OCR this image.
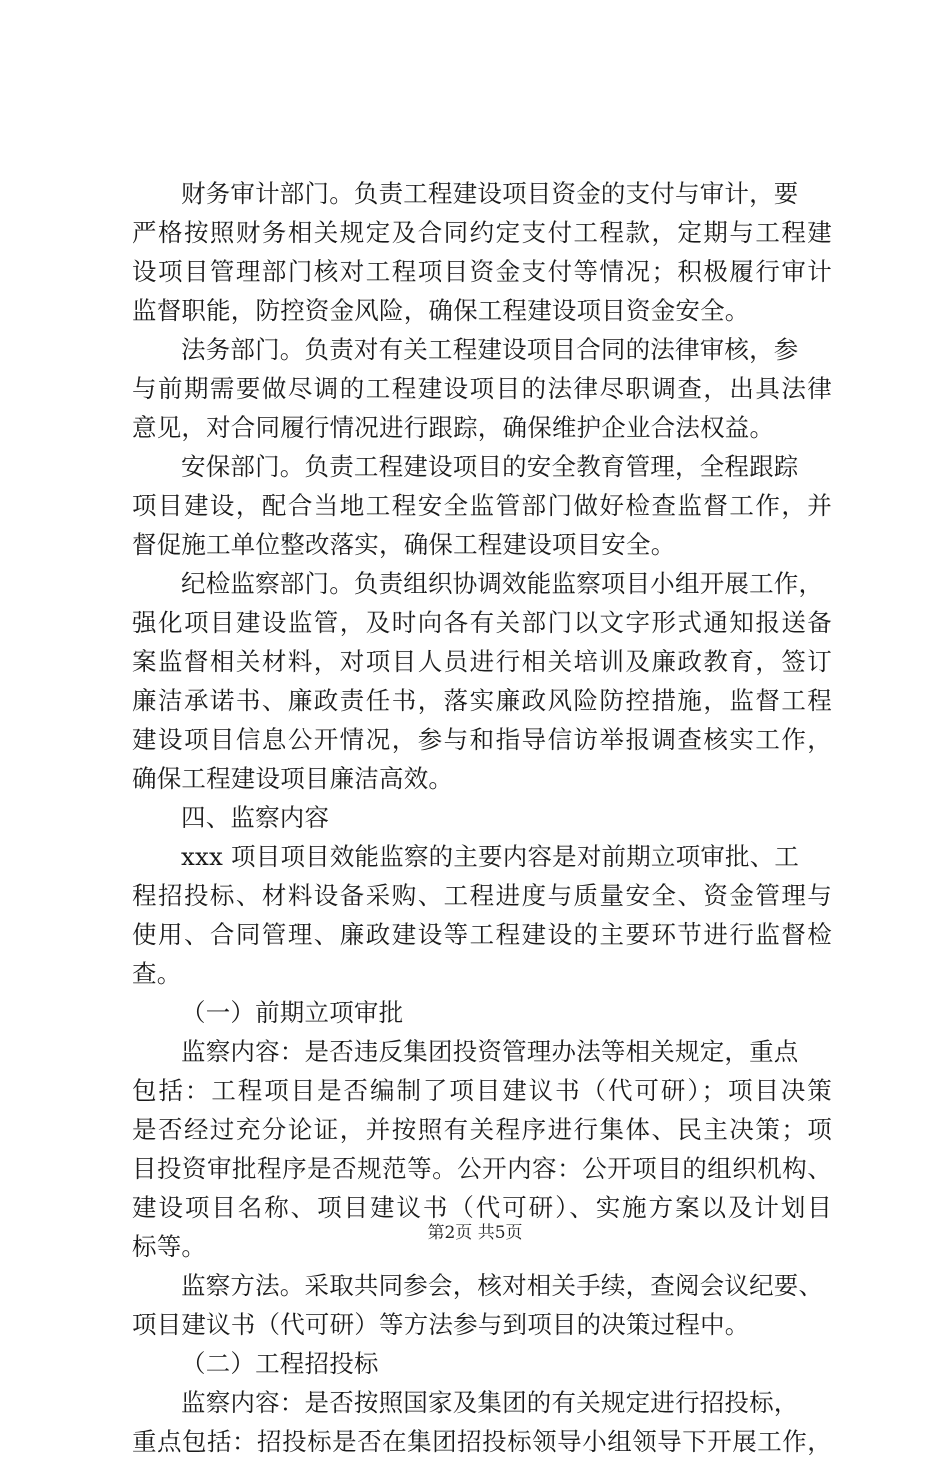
财务审计部门。负责工程建设项目资金的支付与审计，要
严格按照财务相关规定及合同约定支付工程款，定期与工程建
设项目管理部门核对工程项目资金支付等情况；积极履行审计
监督职能，防控资金风险，确保工程建设项目资金安全。
法务部门。负责对有关工程建设项目合同的法律审核，参
与前期需要做尽调的工程建设项目的法律尽职调查，出具法律
意见，对合同履行情况进行跟踪，确保维护企业合法权益。
安保部门。负责工程建设项目的安全教育管理，全程跟踪
项目建设，配合当地工程安全监管部门做好检查监督工作，并
督促施工单位整改落实，确保工程建设项目安全。
纪检监察部门。负责组织协调效能监察项目小组开展工作，
强化项目建设监管，及时向各有关部门以文字形式通知报送备
案监督相关材料，对项目人员进行相关培训及廉政教育，签订
廉洁承诺书、廉政责任书，落实廉政风险防控措施，监督工程
建设项目信息公开情况，参与和指导信访举报调查核实工作，
确保工程建设项目廉洁高效。
四、监察内容
xxx 项目项目效能监察的主要内容是对前期立项审批、工
程招投标、材料设备采购、工程进度与质量安全、资金管理与
使用、合同管理、廉政建设等工程建设的主要环节进行监督检
查。
（一）前期立项审批
监察内容：是否违反集团投资管理办法等相关规定，重点
包括：工程项目是否编制了项目建议书（代可研）；项目决策
是否经过充分论证，并按照有关程序进行集体、民主决策；项
目投资审批程序是否规范等。公开内容：公开项目的组织机构、
建设项目名称、项目建议书（代可研）、实施方案以及计划目
标等。
监察方法。采取共同参会，核对相关手续，查阅会议纪要、
项目建议书（代可研）等方法参与到项目的决策过程中。
（二）工程招投标
监察内容：是否按照国家及集团的有关规定进行招投标，
重点包括：招投标是否在集团招投标领导小组领导下开展工作，
第2页 共5页
